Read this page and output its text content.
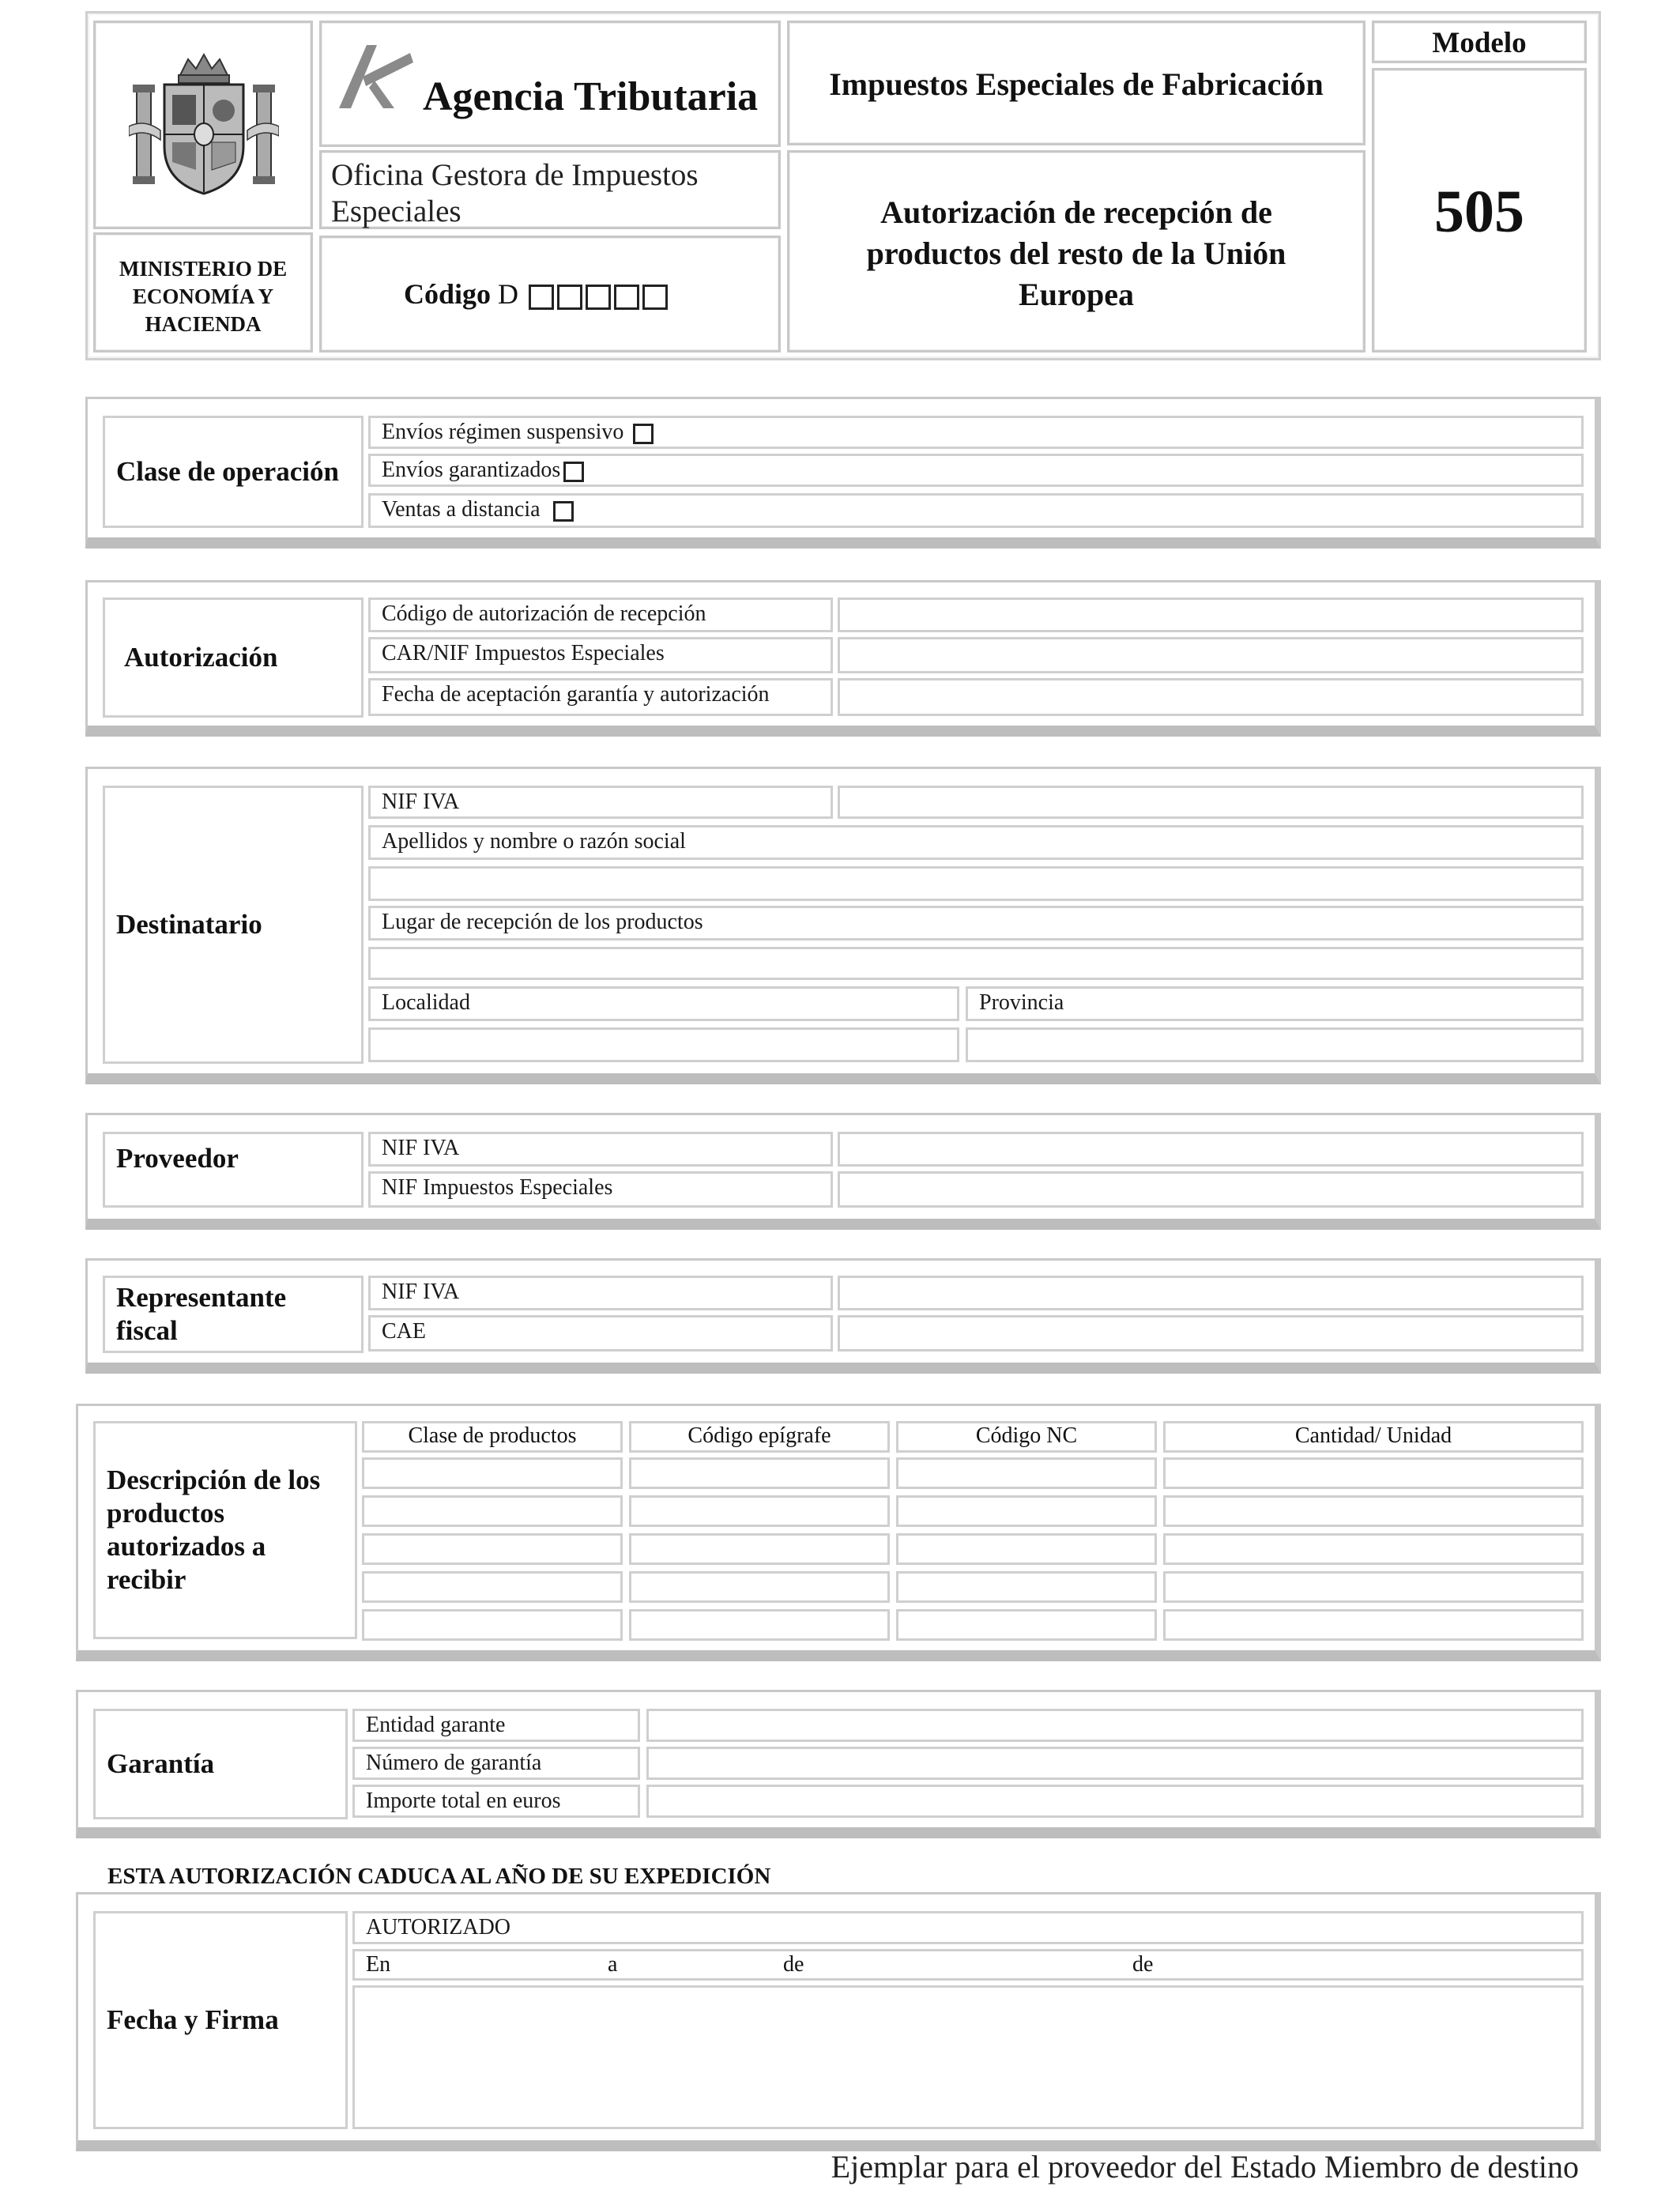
MINISTERIO DE ECONOMÍA Y HACIENDA
Agencia Tributaria
Oficina Gestora de Impuestos Especiales
Código D
Impuestos Especiales de Fabricación
Autorización de recepción de productos del resto de la Unión Europea
Modelo
505
Clase de operación
Envíos régimen suspensivo
Envíos garantizados
Ventas a distancia
Autorización
Código de autorización de recepción
CAR/NIF Impuestos Especiales
Fecha de aceptación garantía y autorización
Destinatario
NIF IVA
Apellidos y nombre o razón social
Lugar de recepción de los productos
Localidad	Provincia
Proveedor	NIF IVA
NIF Impuestos Especiales
Representante fiscal
NIF IVA
CAE
Descripción de los productos autorizados a recibir
Clase de productos	Código epígrafe	Código NC	Cantidad/ Unidad
Garantía
Entidad garante
Número de garantía
Importe total en euros
ESTA AUTORIZACIÓN CADUCA AL AÑO DE SU EXPEDICIÓN
Fecha y Firma
AUTORIZADO
En	a	de	de
Ejemplar para el proveedor del Estado Miembro de destino
